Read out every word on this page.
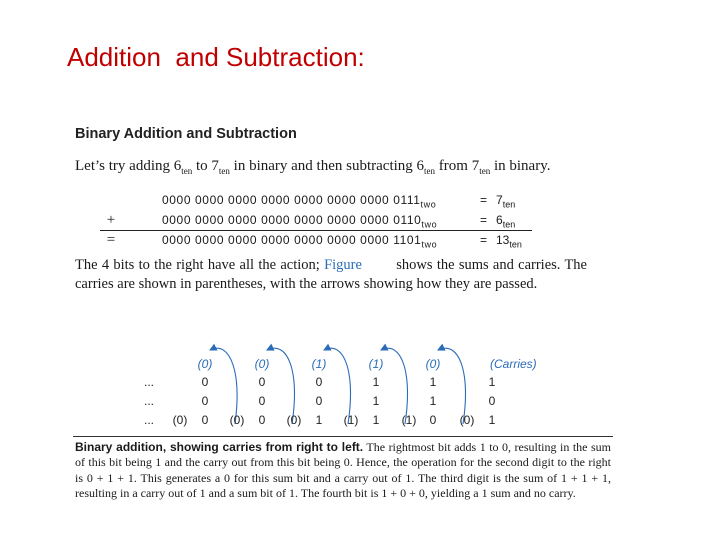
Addition  and Subtraction:
Binary Addition and Subtraction
Let’s try adding $6_{ten}$ to $7_{ten}$ in binary and then subtracting $6_{ten}$ from $7_{ten}$ in binary.
0000 0000 0000 0000 0000 0000 0000 $0111_{two}$	= $7_{ten}$
+	0000 0000 0000 0000 0000 0000 0000 $0110_{two}$	= $6_{ten}$
=	0000 0000 0000 0000 0000 0000 0000 $1101_{two}$	= $13_{ten}$
The 4 bits to the right have all the action; Figure        shows the sums and carries. The carries are shown in parentheses, with the arrows showing how they are passed.
(0)	(0)	(1)	(1)	(0)	(Carries)
...	0	0	0	1	1	1
...	0	0	0	1	1	0
... (0) 0 (0) 0 (0) 1 (1) 1 (1) 0 (0) 1
Binary addition, showing carries from right to left. The rightmost bit adds 1 to 0, resulting in the sum of this bit being 1 and the carry out from this bit being 0. Hence, the operation for the second digit to the right is 0 + 1 + 1. This generates a 0 for this sum bit and a carry out of 1. The third digit is the sum of 1 + 1 + 1, resulting in a carry out of 1 and a sum bit of 1. The fourth bit is 1 + 0 + 0, yielding a 1 sum and no carry.
